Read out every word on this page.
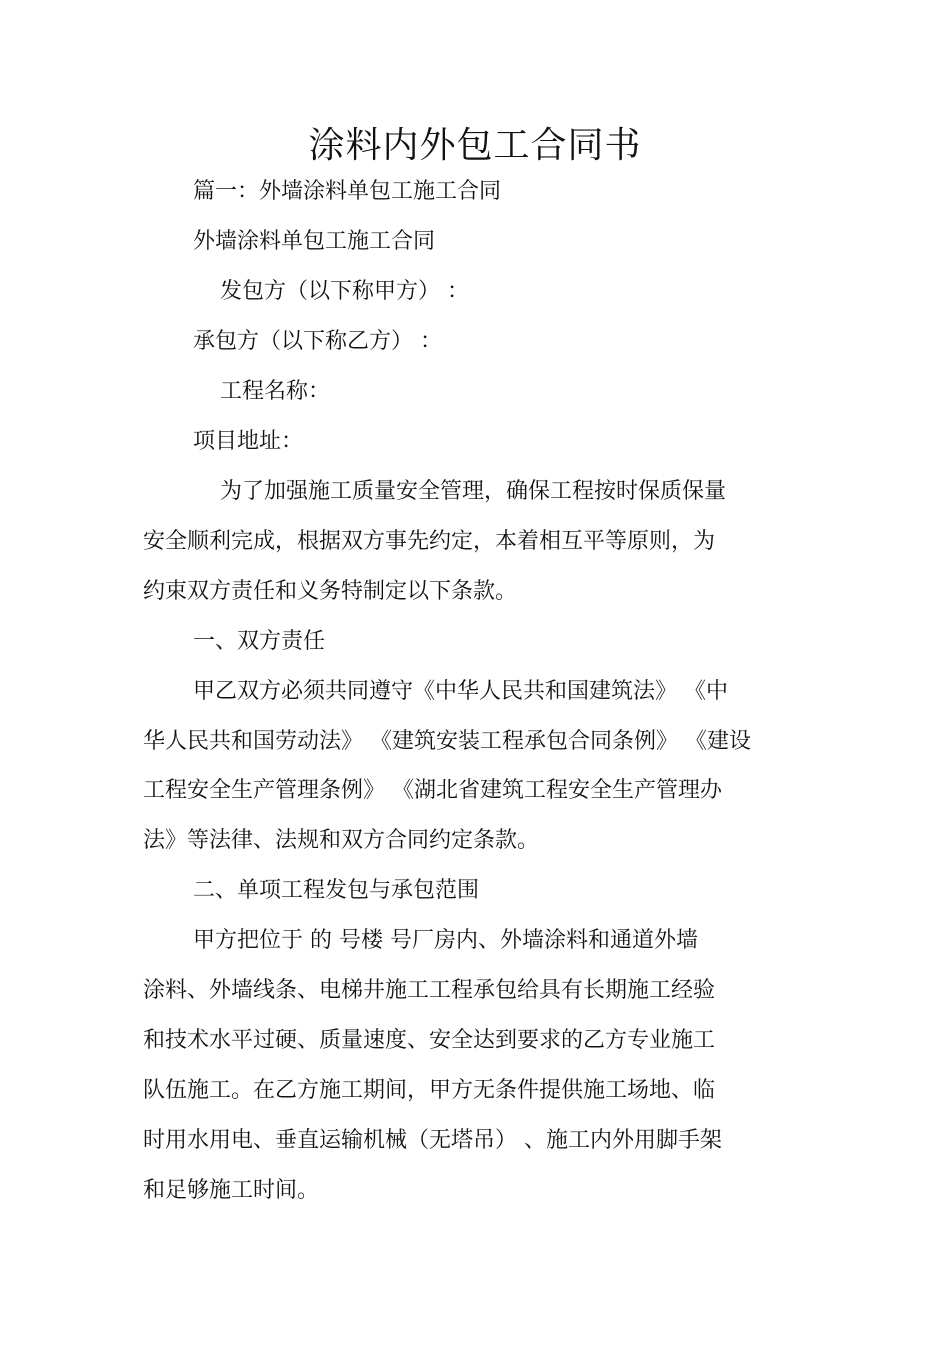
涂料内外包工合同书
篇一：外墙涂料单包工施工合同
外墙涂料单包工施工合同
发包方（以下称甲方） ：
承包方（以下称乙方） ：
工程名称：
项目地址：
为了加强施工质量安全管理，确保工程按时保质保量
安全顺利完成，根据双方事先约定，本着相互平等原则，为
约束双方责任和义务特制定以下条款。
一、双方责任
甲乙双方必须共同遵守《中华人民共和国建筑法》 《中
华人民共和国劳动法》 《建筑安装工程承包合同条例》 《建设
工程安全生产管理条例》 《湖北省建筑工程安全生产管理办
法》等法律、法规和双方合同约定条款。
二、单项工程发包与承包范围
甲方把位于 的 号楼 号厂房内、外墙涂料和通道外墙
涂料、外墙线条、电梯井施工工程承包给具有长期施工经验
和技术水平过硬、质量速度、安全达到要求的乙方专业施工
队伍施工。在乙方施工期间，甲方无条件提供施工场地、临
时用水用电、垂直运输机械（无塔吊） 、施工内外用脚手架
和足够施工时间。
